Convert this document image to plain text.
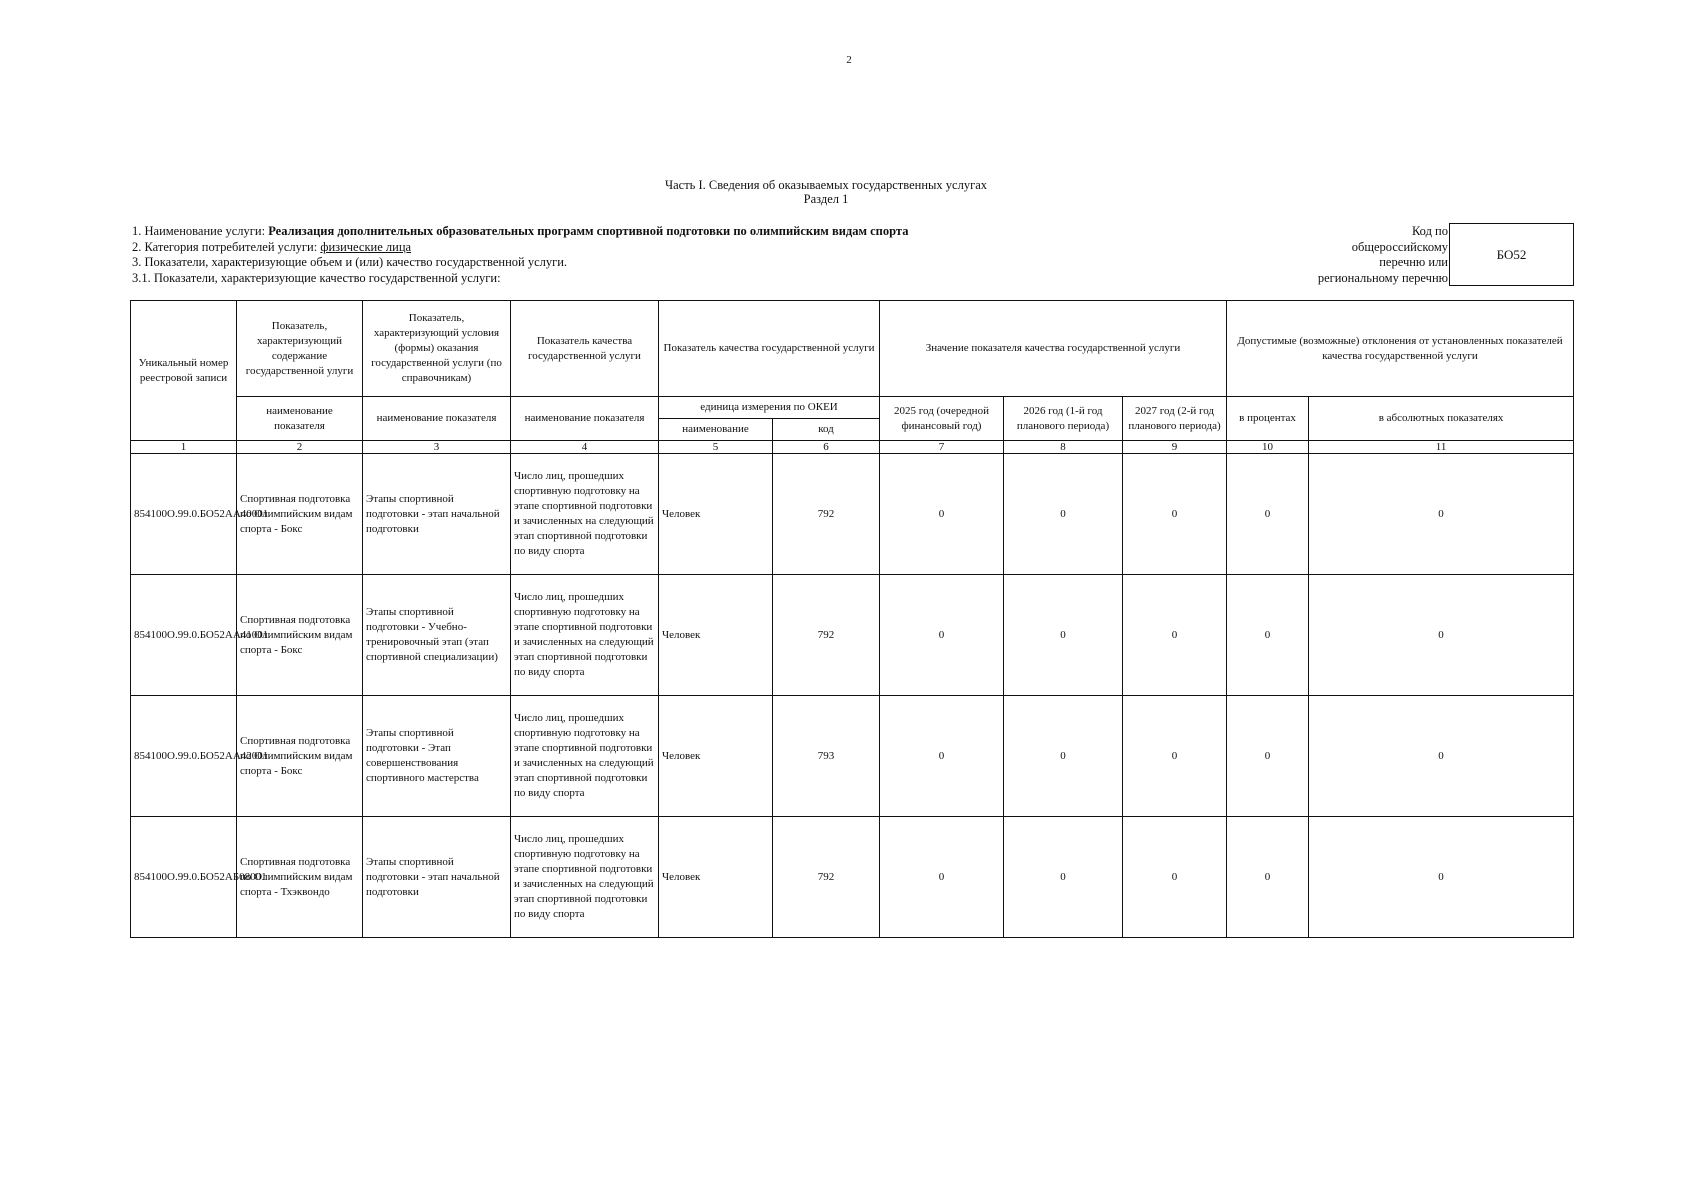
2
Часть I. Сведения об оказываемых государственных услугах
Раздел 1
1. Наименование услуги: Реализация дополнительных образовательных программ спортивной подготовки по олимпийским видам спорта
2. Категория потребителей услуги: физические лица
3. Показатели, характеризующие объем и (или) качество государственной услуги.
3.1. Показатели, характеризующие качество государственной услуги:
Код по
общероссийскому
перечню или
региональному перечню
БО52
Уникальный номер реестровой записи	Показатель, характеризующий содержание государственной улуги	Показатель, характеризующий условия (формы) оказания государственной услуги (по справочникам)	Показатель качества государственной услуги	Показатель качества государственной услуги		Значение показателя качества государственной услуги			Допустимые (возможные) отклонения от установленных показателей качества государственной услуги	
	наименование показателя	наименование показателя	наименование показателя	единица измерения по ОКЕИ		2025 год (очередной финансовый год)	2026 год (1-й год планового периода)	2027 год (2-й год планового периода)	в процентах	в абсолютных показателях
				наименование	код					
1	2	3	4	5	6	7	8	9	10	11
854100О.99.0.БО52АА40001	Спортивная подготовка по Олимпийским видам спорта - Бокс	Этапы спортивной подготовки - этап начальной подготовки	Число лиц, прошедших спортивную подготовку на этапе спортивной подготовки и зачисленных на следующий этап спортивной подготовки по виду спорта	Человек	792	0	0	0	0	0
854100О.99.0.БО52АА41001	Спортивная подготовка по Олимпийским видам спорта - Бокс	Этапы спортивной подготовки - Учебно-тренировочный этап (этап спортивной специализации)	Число лиц, прошедших спортивную подготовку на этапе спортивной подготовки и зачисленных на следующий этап спортивной подготовки по виду спорта	Человек	792	0	0	0	0	0
854100О.99.0.БО52АА42001	Спортивная подготовка по Олимпийским видам спорта - Бокс	Этапы спортивной подготовки - Этап совершенствования спортивного мастерства	Число лиц, прошедших спортивную подготовку на этапе спортивной подготовки и зачисленных на следующий этап спортивной подготовки по виду спорта	Человек	793	0	0	0	0	0
854100О.99.0.БО52АБ08001	Спортивная подготовка по Олимпийским видам спорта - Тхэквондо	Этапы спортивной подготовки - этап начальной подготовки	Число лиц, прошедших спортивную подготовку на этапе спортивной подготовки и зачисленных на следующий этап спортивной подготовки по виду спорта	Человек	792	0	0	0	0	0
